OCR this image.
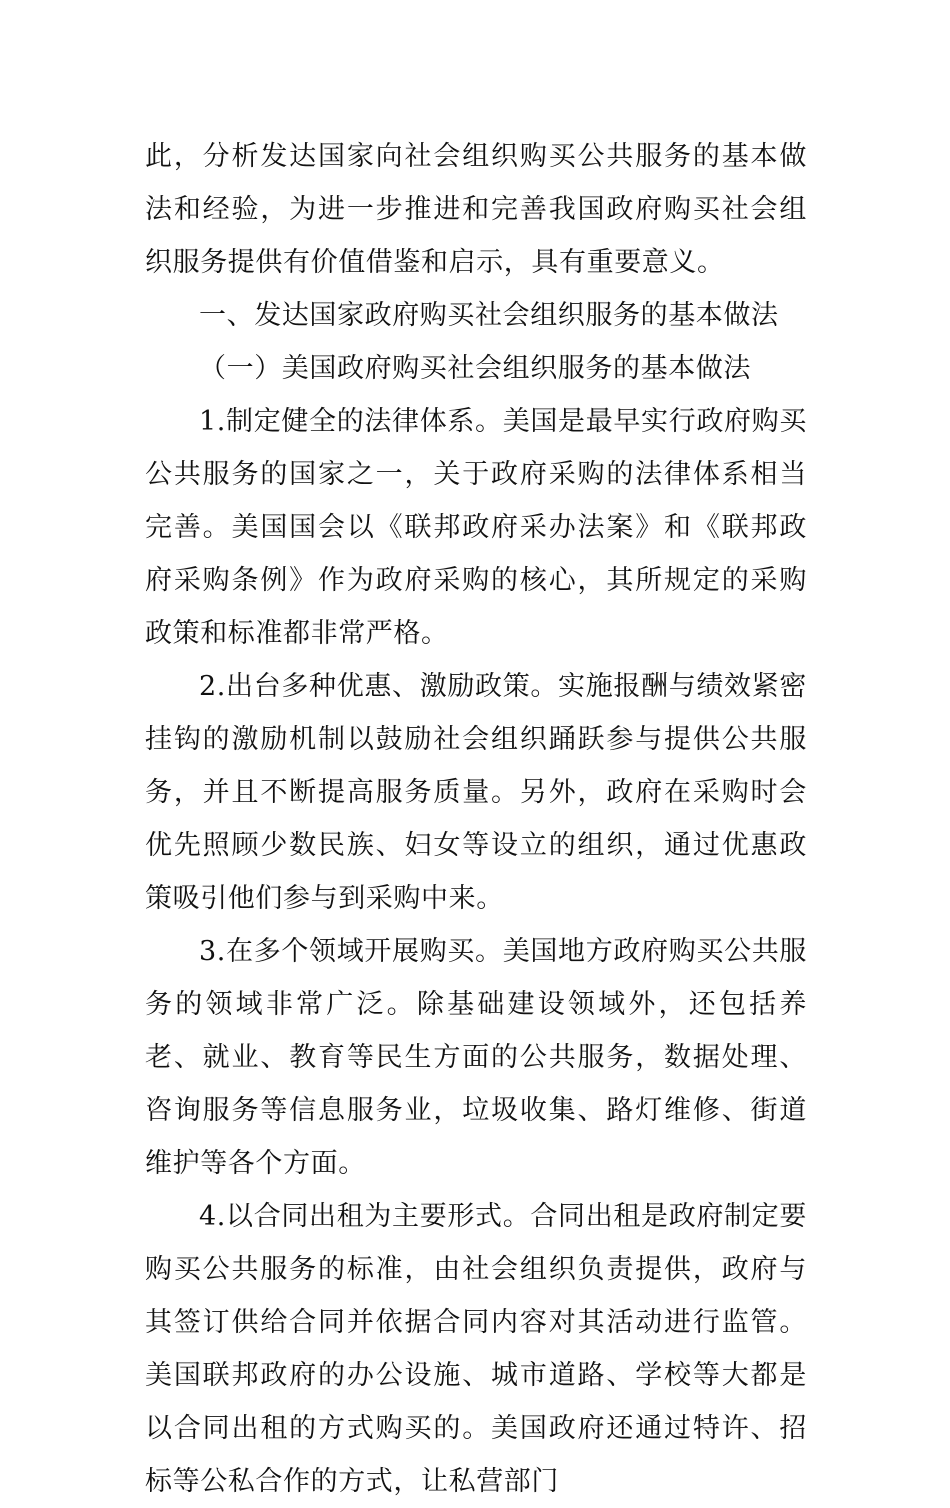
此，分析发达国家向社会组织购买公共服务的基本做法和经验，为进一步推进和完善我国政府购买社会组织服务提供有价值借鉴和启示，具有重要意义。

一、发达国家政府购买社会组织服务的基本做法

（一）美国政府购买社会组织服务的基本做法

1.制定健全的法律体系。美国是最早实行政府购买公共服务的国家之一，关于政府采购的法律体系相当完善。美国国会以《联邦政府采办法案》和《联邦政府采购条例》作为政府采购的核心，其所规定的采购政策和标准都非常严格。

2.出台多种优惠、激励政策。实施报酬与绩效紧密挂钩的激励机制以鼓励社会组织踊跃参与提供公共服务，并且不断提高服务质量。另外，政府在采购时会优先照顾少数民族、妇女等设立的组织，通过优惠政策吸引他们参与到采购中来。

3.在多个领域开展购买。美国地方政府购买公共服务的领域非常广泛。除基础建设领域外，还包括养老、就业、教育等民生方面的公共服务，数据处理、咨询服务等信息服务业，垃圾收集、路灯维修、街道维护等各个方面。

4.以合同出租为主要形式。合同出租是政府制定要购买公共服务的标准，由社会组织负责提供，政府与其签订供给合同并依据合同内容对其活动进行监管。美国联邦政府的办公设施、城市道路、学校等大都是以合同出租的方式购买的。美国政府还通过特许、招标等公私合作的方式，让私营部门
